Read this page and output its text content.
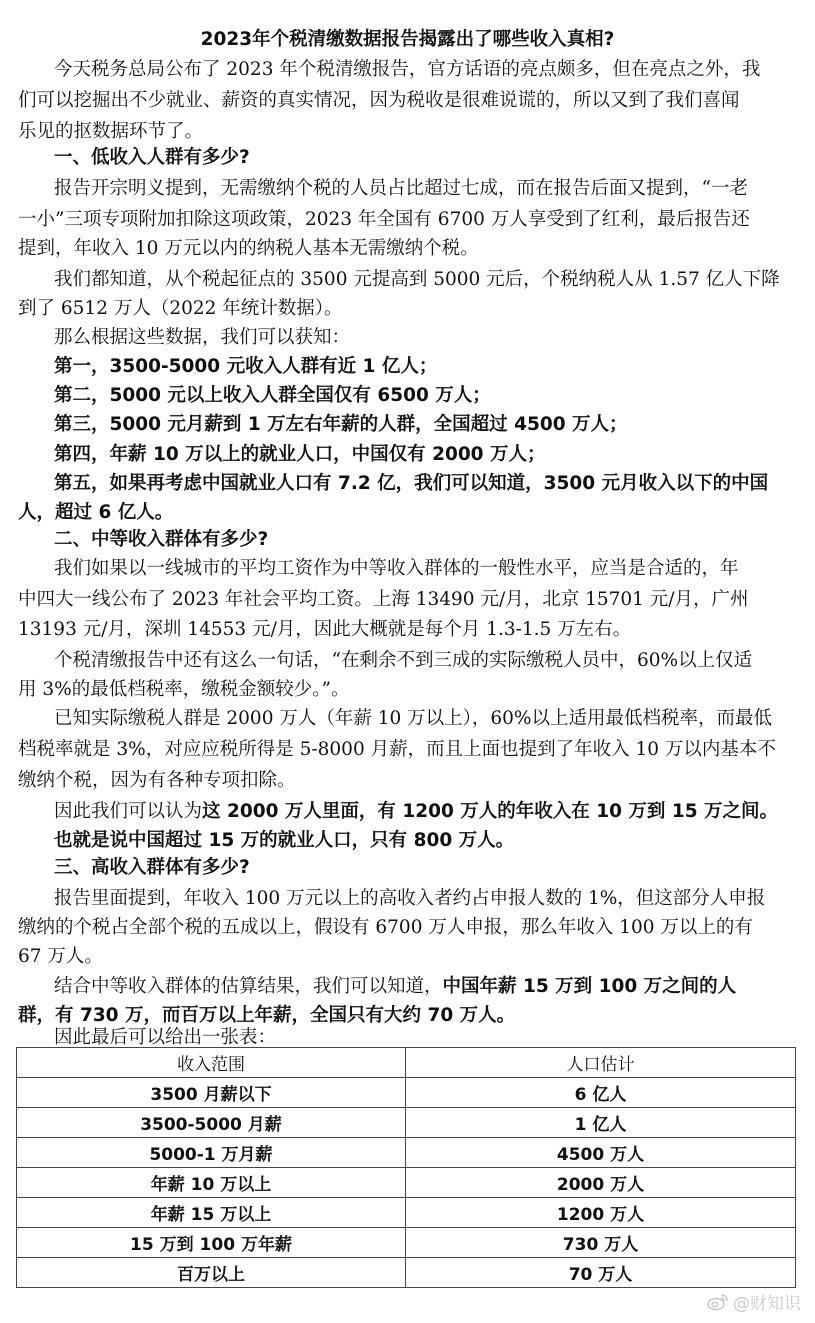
2023年个税清缴数据报告揭露出了哪些收入真相?
今天税务总局公布了 2023 年个税清缴报告，官方话语的亮点颇多，但在亮点之外，我
们可以挖掘出不少就业、薪资的真实情况，因为税收是很难说谎的，所以又到了我们喜闻
乐见的抠数据环节了。
一、低收入人群有多少?
报告开宗明义提到，无需缴纳个税的人员占比超过七成，而在报告后面又提到，“一老
一小”三项专项附加扣除这项政策，2023 年全国有 6700 万人享受到了红利，最后报告还
提到，年收入 10 万元以内的纳税人基本无需缴纳个税。
我们都知道，从个税起征点的 3500 元提高到 5000 元后，个税纳税人从 1.57 亿人下降
到了 6512 万人（2022 年统计数据）。
那么根据这些数据，我们可以获知：
第一，3500-5000 元收入人群有近 1 亿人；
第二，5000 元以上收入人群全国仅有 6500 万人；
第三，5000 元月薪到 1 万左右年薪的人群，全国超过 4500 万人；
第四，年薪 10 万以上的就业人口，中国仅有 2000 万人；
第五，如果再考虑中国就业人口有 7.2 亿，我们可以知道，3500 元月收入以下的中国
人，超过 6 亿人。
二、中等收入群体有多少?
我们如果以一线城市的平均工资作为中等收入群体的一般性水平，应当是合适的，年
中四大一线公布了 2023 年社会平均工资。上海 13490 元/月，北京 15701 元/月，广州
13193 元/月，深圳 14553 元/月，因此大概就是每个月 1.3-1.5 万左右。
个税清缴报告中还有这么一句话，“在剩余不到三成的实际缴税人员中，60%以上仅适
用 3%的最低档税率，缴税金额较少。”。
已知实际缴税人群是 2000 万人（年薪 10 万以上），60%以上适用最低档税率，而最低
档税率就是 3%，对应应税所得是 5-8000 月薪，而且上面也提到了年收入 10 万以内基本不
缴纳个税，因为有各种专项扣除。
因此我们可以认为这 2000 万人里面，有 1200 万人的年收入在 10 万到 15 万之间。
也就是说中国超过 15 万的就业人口，只有 800 万人。
三、高收入群体有多少?
报告里面提到，年收入 100 万元以上的高收入者约占申报人数的 1%，但这部分人申报
缴纳的个税占全部个税的五成以上，假设有 6700 万人申报，那么年收入 100 万以上的有
67 万人。
结合中等收入群体的估算结果，我们可以知道，中国年薪 15 万到 100 万之间的人
群，有 730 万，而百万以上年薪，全国只有大约 70 万人。
因此最后可以给出一张表：
收入范围	人口估计
3500 月薪以下	6 亿人
3500-5000 月薪	1 亿人
5000-1 万月薪	4500 万人
年薪 10 万以上	2000 万人
年薪 15 万以上	1200 万人
15 万到 100 万年薪	730 万人
百万以上	70 万人
@财知识
